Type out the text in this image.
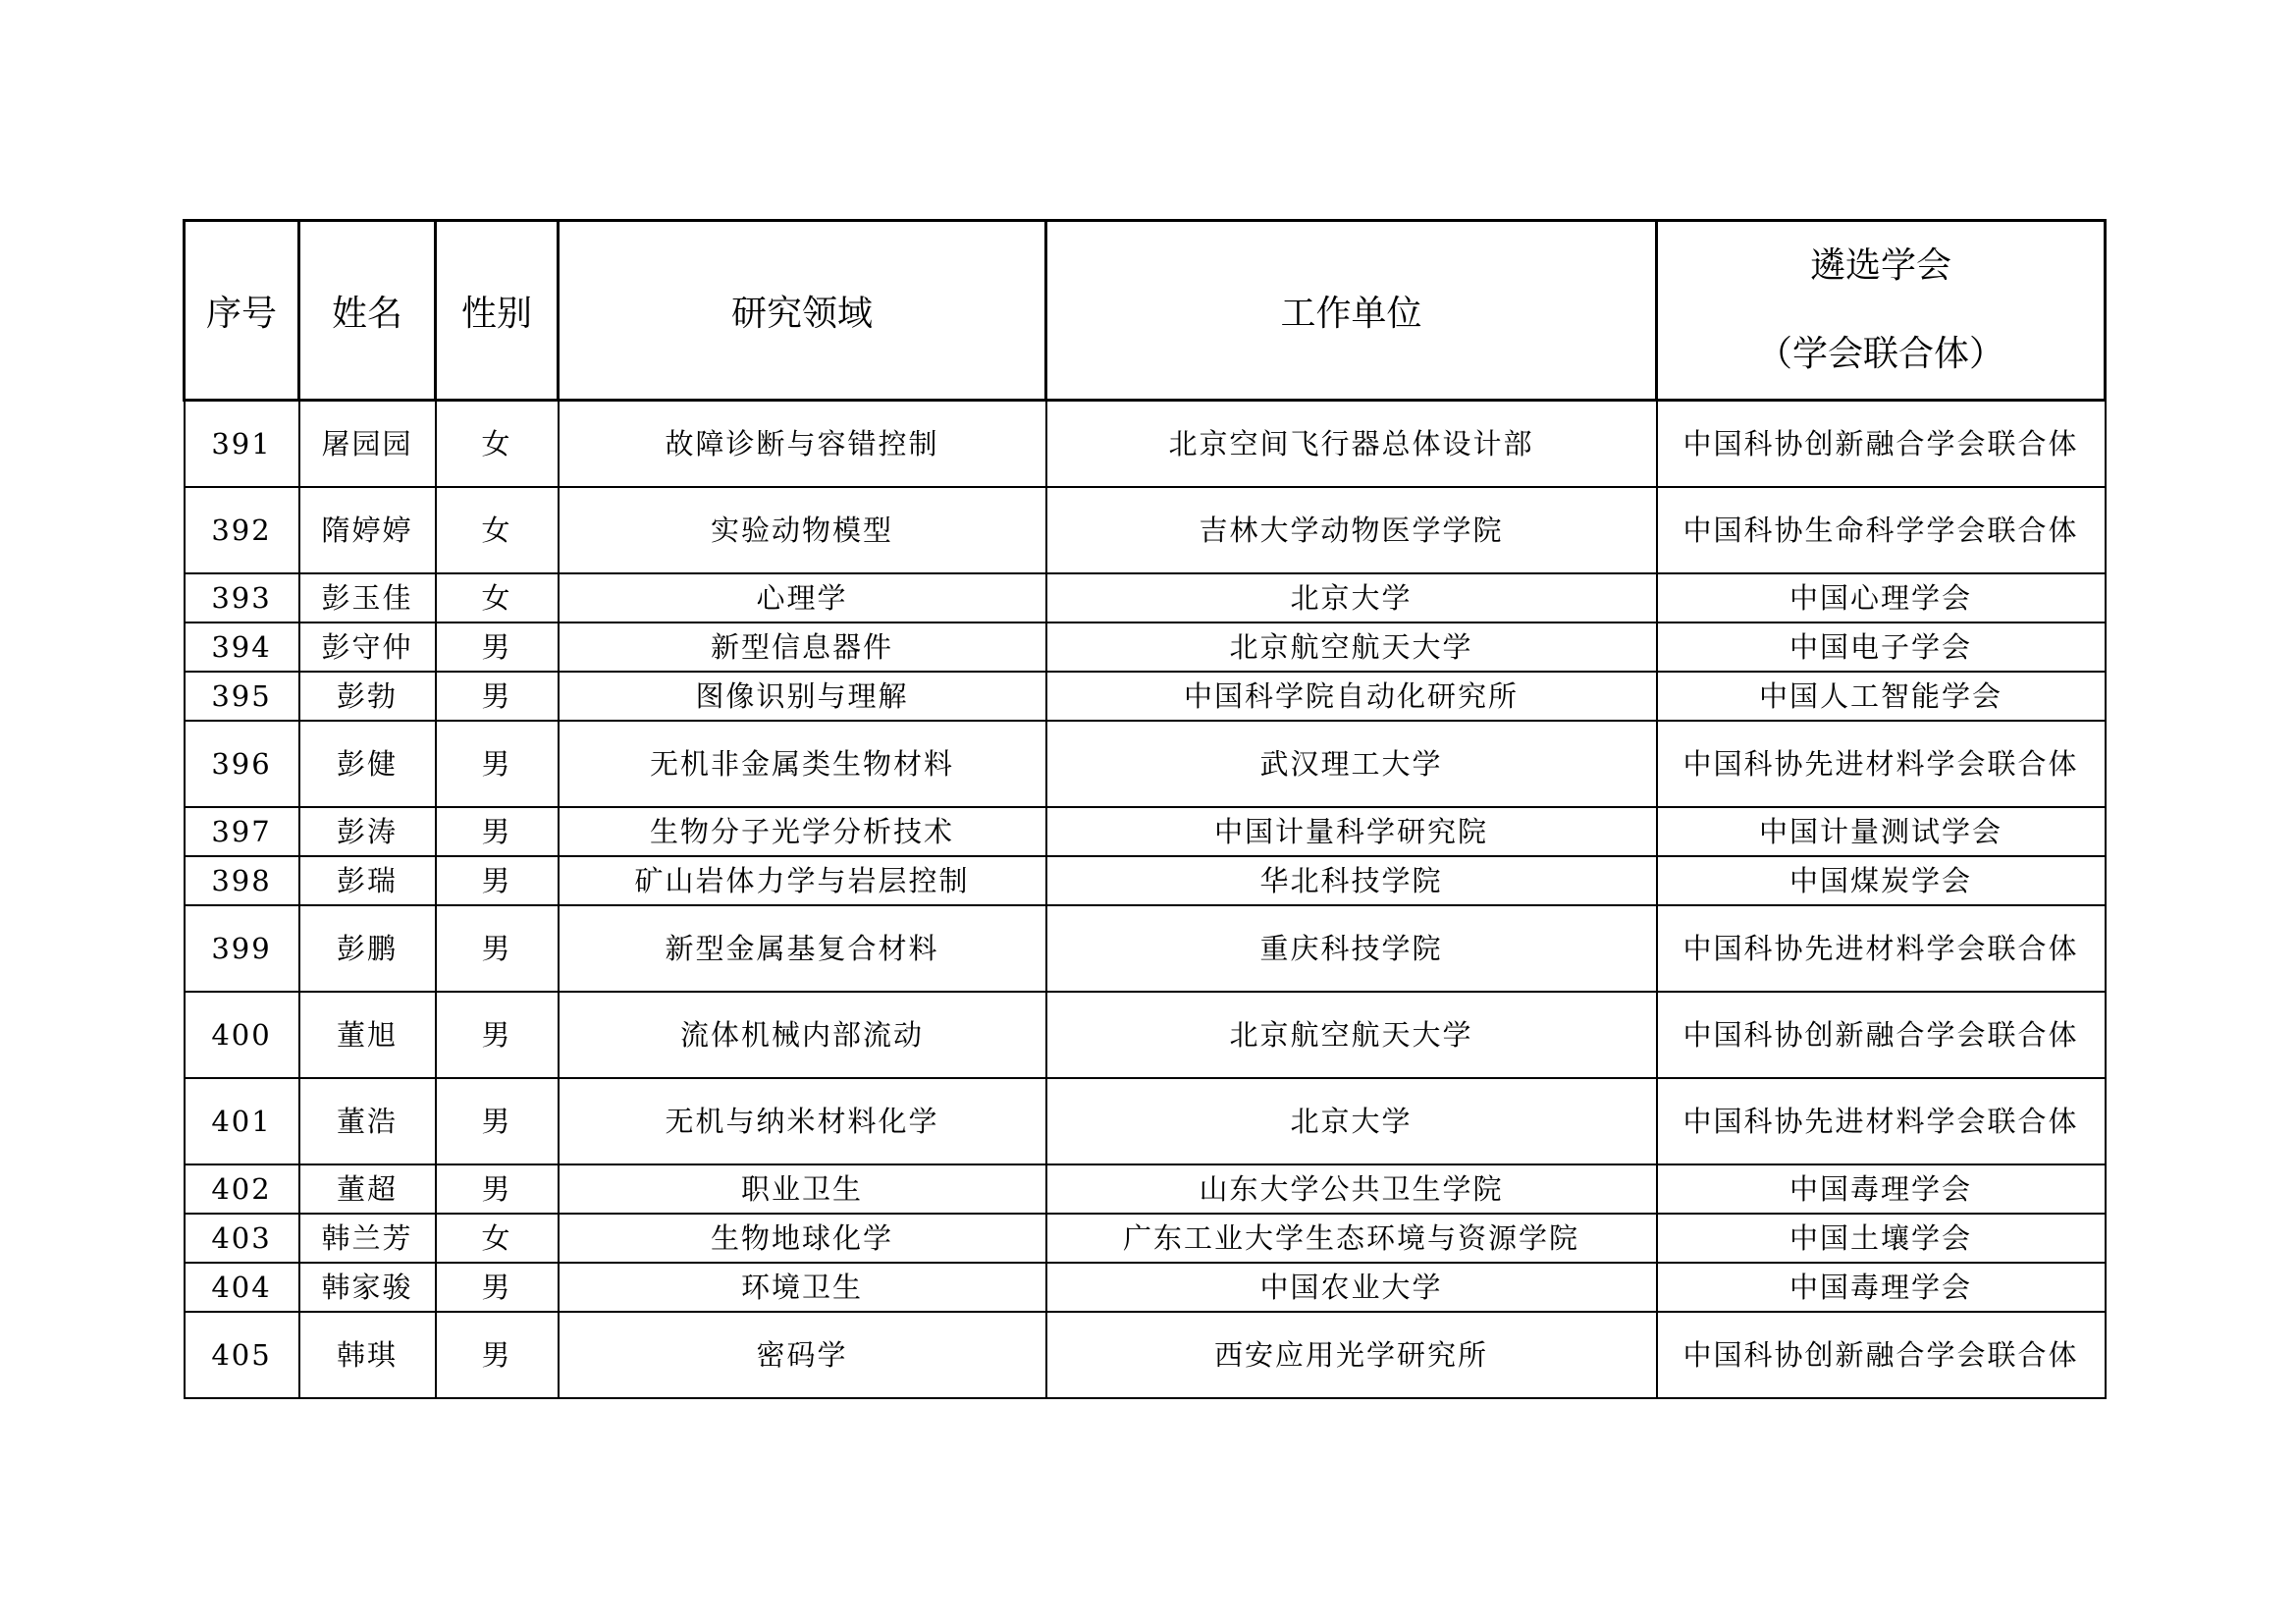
序号	姓名	性别	研究领域	工作单位	遴选学会
（学会联合体）

391	屠园园	女	故障诊断与容错控制	北京空间飞行器总体设计部	中国科协创新融合学会联合体
392	隋婷婷	女	实验动物模型	吉林大学动物医学学院	中国科协生命科学学会联合体
393	彭玉佳	女	心理学	北京大学	中国心理学会
394	彭守仲	男	新型信息器件	北京航空航天大学	中国电子学会
395	彭勃	男	图像识别与理解	中国科学院自动化研究所	中国人工智能学会
396	彭健	男	无机非金属类生物材料	武汉理工大学	中国科协先进材料学会联合体
397	彭涛	男	生物分子光学分析技术	中国计量科学研究院	中国计量测试学会
398	彭瑞	男	矿山岩体力学与岩层控制	华北科技学院	中国煤炭学会
399	彭鹏	男	新型金属基复合材料	重庆科技学院	中国科协先进材料学会联合体
400	董旭	男	流体机械内部流动	北京航空航天大学	中国科协创新融合学会联合体
401	董浩	男	无机与纳米材料化学	北京大学	中国科协先进材料学会联合体
402	董超	男	职业卫生	山东大学公共卫生学院	中国毒理学会
403	韩兰芳	女	生物地球化学	广东工业大学生态环境与资源学院	中国土壤学会
404	韩家骏	男	环境卫生	中国农业大学	中国毒理学会
405	韩琪	男	密码学	西安应用光学研究所	中国科协创新融合学会联合体
